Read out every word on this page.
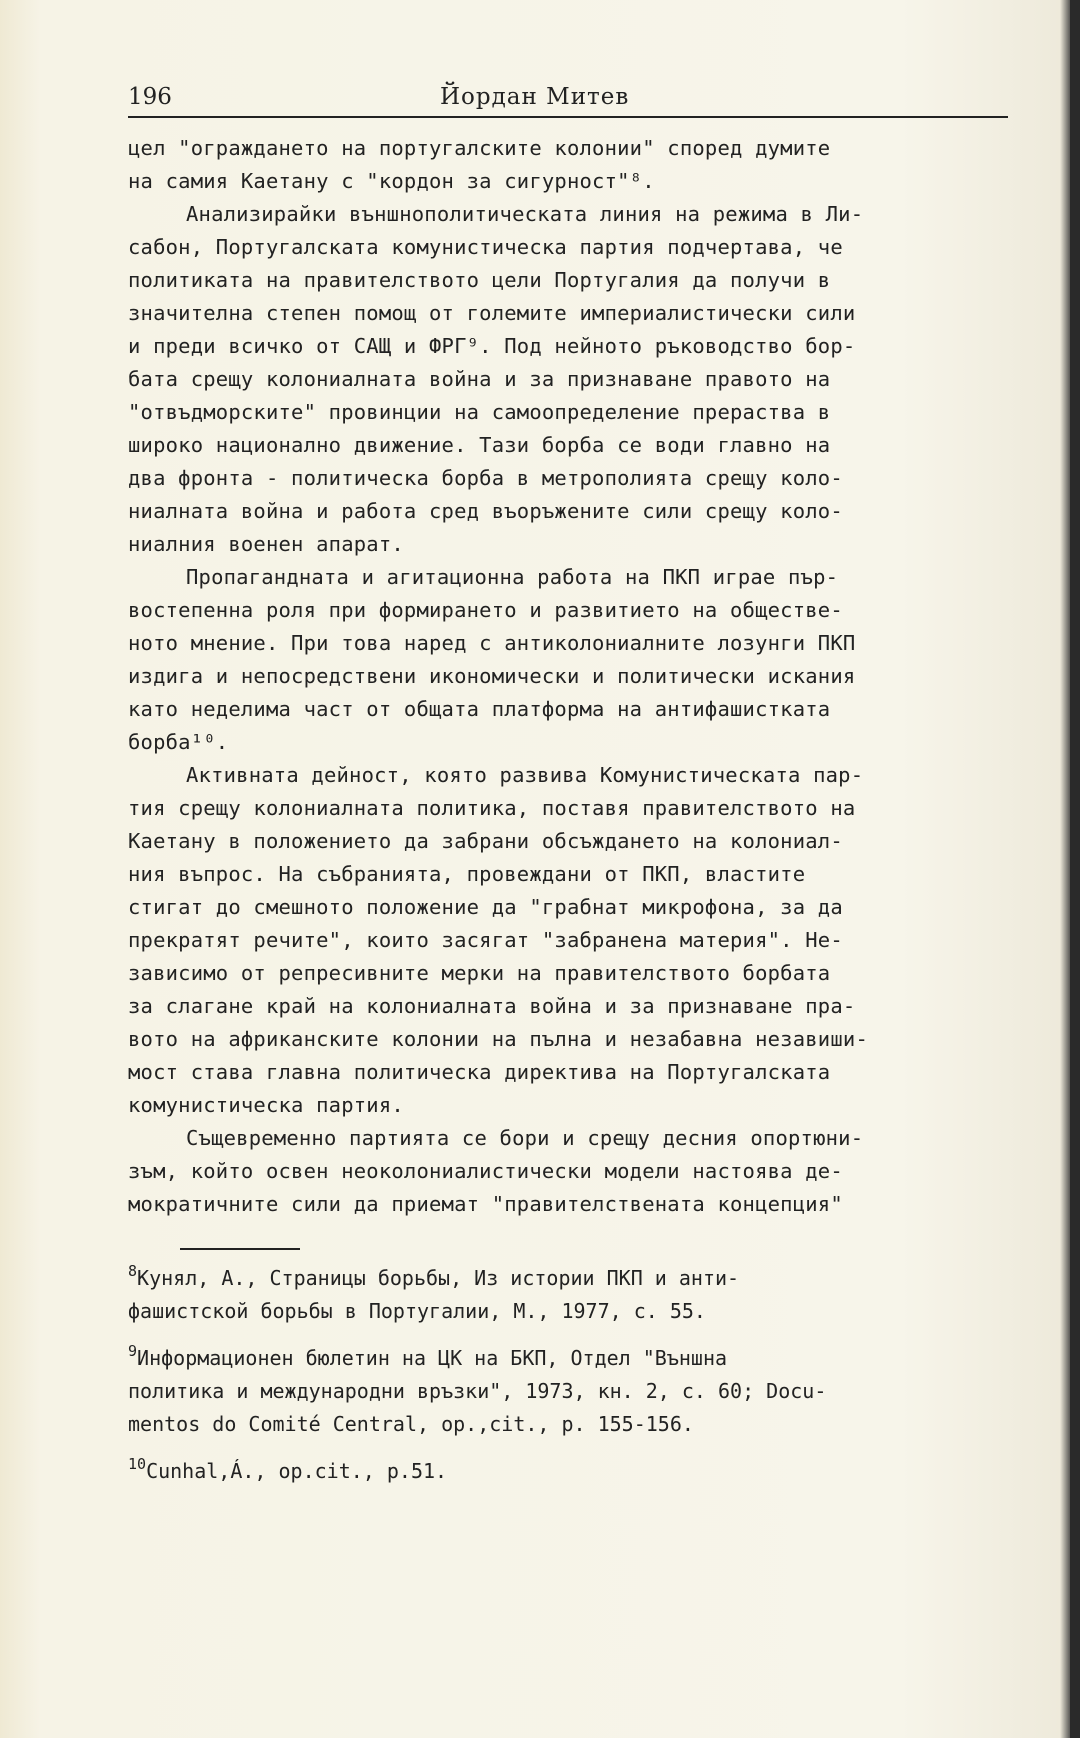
196	Йордан Митев
цел "ограждането на португалските колонии" според думите
на самия Каетану с "кордон за сигурност"⁸.
Анализирайки външнополитическата линия на режима в Ли-
сабон, Португалската комунистическа партия подчертава, че
политиката на правителството цели Португалия да получи в
значителна степен помощ от големите империалистически сили
и преди всичко от САЩ и ФРГ⁹. Под нейното ръководство бор-
бата срещу колониалната война и за признаване правото на
"отвъдморските" провинции на самоопределение прераства в
широко национално движение. Тази борба се води главно на
два фронта - политическа борба в метрополията срещу коло-
ниалната война и работа сред въоръжените сили срещу коло-
ниалния военен апарат.
Пропагандната и агитационна работа на ПКП играе пър-
востепенна роля при формирането и развитието на обществе-
ното мнение. При това наред с антиколониалните лозунги ПКП
издига и непосредствени икономически и политически искания
като неделима част от общата платформа на антифашистката
борба¹⁰.
Активната дейност, която развива Комунистическата пар-
тия срещу колониалната политика, поставя правителството на
Каетану в положението да забрани обсъждането на колониал-
ния въпрос. На събранията, провеждани от ПКП, властите
стигат до смешното положение да "грабнат микрофона, за да
прекратят речите", които засягат "забранена материя". Не-
зависимо от репресивните мерки на правителството борбата
за слагане край на колониалната война и за признаване пра-
вото на африканските колонии на пълна и незабавна незавиши-
мост става главна политическа директива на Португалската
комунистическа партия.
Същевременно партията се бори и срещу десния опортюни-
зъм, който освен неоколониалистически модели настоява де-
мократичните сили да приемат "правителствената концепция"
$^8$Кунял, А., Страницы борьбы, Из истории ПКП и анти-
фашистской борьбы в Португалии, М., 1977, с. 55.
$^9$Информационен бюлетин на ЦК на БКП, Отдел "Външна
политика и международни връзки", 1973, кн. 2, с. 60; Docu-
mentos do Comité Central, op.,cit., p. 155-156.
$^{10}$Cunhal,Á., op.cit., p.51.
